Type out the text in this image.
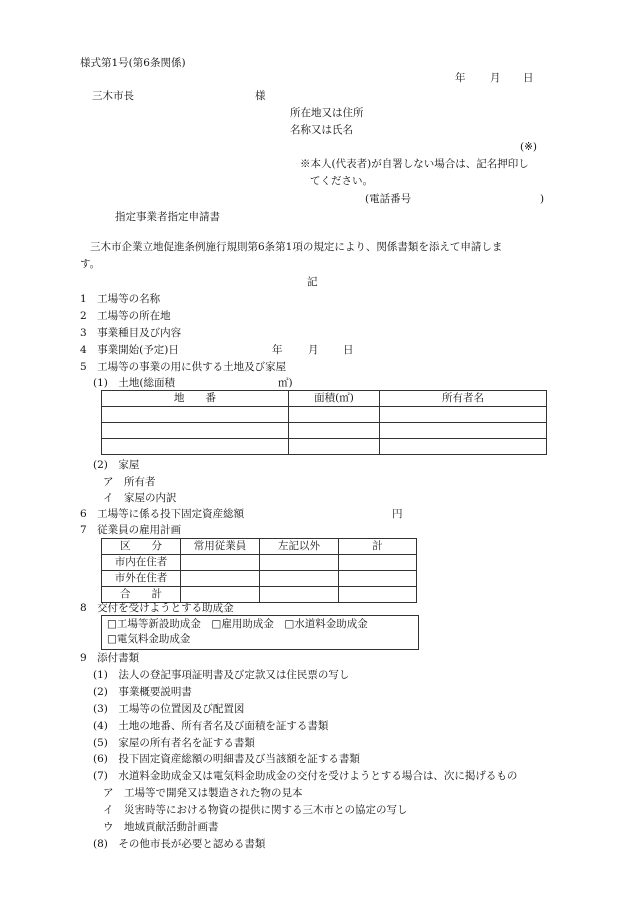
様式第1号(第6条関係)
年 月 日
三木市長	様
所在地又は住所
名称又は氏名
(※)
※本人(代表者)が自署しない場合は、記名押印し
てください。
(電話番号	)
指定事業者指定申請書
三木市企業立地促進条例施行規則第6条第1項の規定により、関係書類を添えて申請しま
す。
記
1　工場等の名称
2　工場等の所在地
3　事業種目及び内容
4　事業開始(予定)日	年 月 日
5　工場等の事業の用に供する土地及び家屋
(1)　土地(総面積	㎡)
地　　番	面積(㎡)	所有者名

(2)　家屋
ア　所有者
イ　家屋の内訳
6　工場等に係る投下固定資産総額	円
7　従業員の雇用計画
区　　分	常用従業員	左記以外	計
市内在住者			
市外在住者			
合　　計			
8　交付を受けようとする助成金
□工場等新設助成金　□雇用助成金　□水道料金助成金
□電気料金助成金
9　添付書類
(1)　法人の登記事項証明書及び定款又は住民票の写し
(2)　事業概要説明書
(3)　工場等の位置図及び配置図
(4)　土地の地番、所有者名及び面積を証する書類
(5)　家屋の所有者名を証する書類
(6)　投下固定資産総額の明細書及び当該額を証する書類
(7)　水道料金助成金又は電気料金助成金の交付を受けようとする場合は、次に掲げるもの
ア　工場等で開発又は製造された物の見本
イ　災害時等における物資の提供に関する三木市との協定の写し
ウ　地域貢献活動計画書
(8)　その他市長が必要と認める書類
